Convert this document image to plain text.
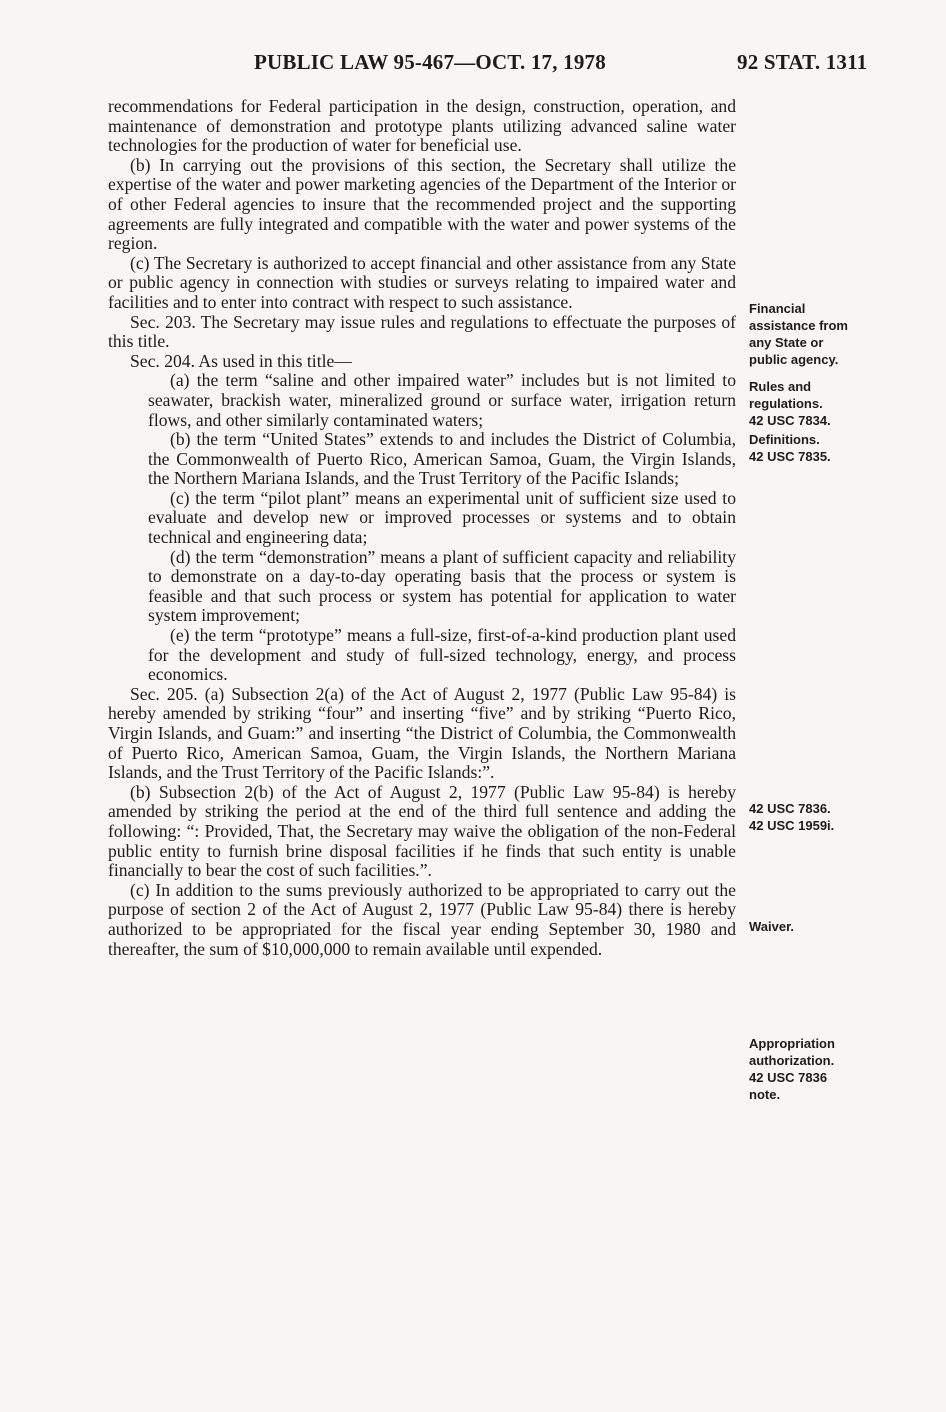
PUBLIC LAW 95-467—OCT. 17, 1978	92 STAT. 1311

recommendations for Federal participation in the design, construction, operation, and maintenance of demonstration and prototype plants utilizing advanced saline water technologies for the production of water for beneficial use.

(b) In carrying out the provisions of this section, the Secretary shall utilize the expertise of the water and power marketing agencies of the Department of the Interior or of other Federal agencies to insure that the recommended project and the supporting agreements are fully integrated and compatible with the water and power systems of the region.

(c) The Secretary is authorized to accept financial and other assistance from any State or public agency in connection with studies or surveys relating to impaired water and facilities and to enter into contract with respect to such assistance.

Sec. 203. The Secretary may issue rules and regulations to effectuate the purposes of this title.

Sec. 204. As used in this title—

(a) the term “saline and other impaired water” includes but is not limited to seawater, brackish water, mineralized ground or surface water, irrigation return flows, and other similarly contaminated waters;

(b) the term “United States” extends to and includes the District of Columbia, the Commonwealth of Puerto Rico, American Samoa, Guam, the Virgin Islands, the Northern Mariana Islands, and the Trust Territory of the Pacific Islands;

(c) the term “pilot plant” means an experimental unit of sufficient size used to evaluate and develop new or improved processes or systems and to obtain technical and engineering data;

(d) the term “demonstration” means a plant of sufficient capacity and reliability to demonstrate on a day-to-day operating basis that the process or system is feasible and that such process or system has potential for application to water system improvement;

(e) the term “prototype” means a full-size, first-of-a-kind production plant used for the development and study of full-sized technology, energy, and process economics.

Sec. 205. (a) Subsection 2(a) of the Act of August 2, 1977 (Public Law 95-84) is hereby amended by striking “four” and inserting “five” and by striking “Puerto Rico, Virgin Islands, and Guam:” and inserting “the District of Columbia, the Commonwealth of Puerto Rico, American Samoa, Guam, the Virgin Islands, the Northern Mariana Islands, and the Trust Territory of the Pacific Islands:”.

(b) Subsection 2(b) of the Act of August 2, 1977 (Public Law 95-84) is hereby amended by striking the period at the end of the third full sentence and adding the following: “: Provided, That, the Secretary may waive the obligation of the non-Federal public entity to furnish brine disposal facilities if he finds that such entity is unable financially to bear the cost of such facilities.”.

(c) In addition to the sums previously authorized to be appropriated to carry out the purpose of section 2 of the Act of August 2, 1977 (Public Law 95-84) there is hereby authorized to be appropriated for the fiscal year ending September 30, 1980 and thereafter, the sum of $10,000,000 to remain available until expended.

Financial
assistance from
any State or
public agency.
Rules and
regulations.
42 USC 7834.
Definitions.
42 USC 7835.
42 USC 7836.
42 USC 1959i.
Waiver.
Appropriation
authorization.
42 USC 7836
note.
